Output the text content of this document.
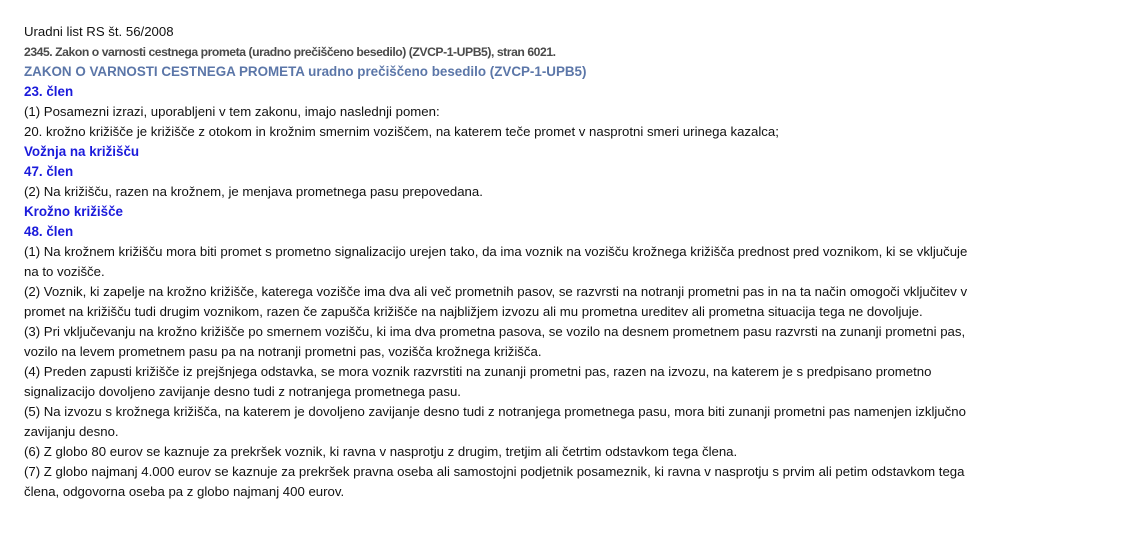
Uradni list RS št. 56/2008
2345. Zakon o varnosti cestnega prometa (uradno prečiščeno besedilo) (ZVCP-1-UPB5), stran 6021.
ZAKON O VARNOSTI CESTNEGA PROMETA uradno prečiščeno besedilo (ZVCP-1-UPB5)
23. člen
(1) Posamezni izrazi, uporabljeni v tem zakonu, imajo naslednji pomen:
20. krožno križišče je križišče z otokom in krožnim smernim voziščem, na katerem teče promet v nasprotni smeri urinega kazalca;
Vožnja na križišču
47. člen
(2) Na križišču, razen na krožnem, je menjava prometnega pasu prepovedana.
Krožno križišče
48. člen
(1) Na krožnem križišču mora biti promet s prometno signalizacijo urejen tako, da ima voznik na vozišču krožnega križišča prednost pred voznikom, ki se vključuje
na to vozišče.
(2) Voznik, ki zapelje na krožno križišče, katerega vozišče ima dva ali več prometnih pasov, se razvrsti na notranji prometni pas in na ta način omogoči vključitev v
promet na križišču tudi drugim voznikom, razen če zapušča križišče na najbližjem izvozu ali mu prometna ureditev ali prometna situacija tega ne dovoljuje.
(3) Pri vključevanju na krožno križišče po smernem vozišču, ki ima dva prometna pasova, se vozilo na desnem prometnem pasu razvrsti na zunanji prometni pas,
vozilo na levem prometnem pasu pa na notranji prometni pas, vozišča krožnega križišča.
(4) Preden zapusti križišče iz prejšnjega odstavka, se mora voznik razvrstiti na zunanji prometni pas, razen na izvozu, na katerem je s predpisano prometno
signalizacijo dovoljeno zavijanje desno tudi z notranjega prometnega pasu.
(5) Na izvozu s krožnega križišča, na katerem je dovoljeno zavijanje desno tudi z notranjega prometnega pasu, mora biti zunanji prometni pas namenjen izključno
zavijanju desno.
(6) Z globo 80 eurov se kaznuje za prekršek voznik, ki ravna v nasprotju z drugim, tretjim ali četrtim odstavkom tega člena.
(7) Z globo najmanj 4.000 eurov se kaznuje za prekršek pravna oseba ali samostojni podjetnik posameznik, ki ravna v nasprotju s prvim ali petim odstavkom tega
člena, odgovorna oseba pa z globo najmanj 400 eurov.
